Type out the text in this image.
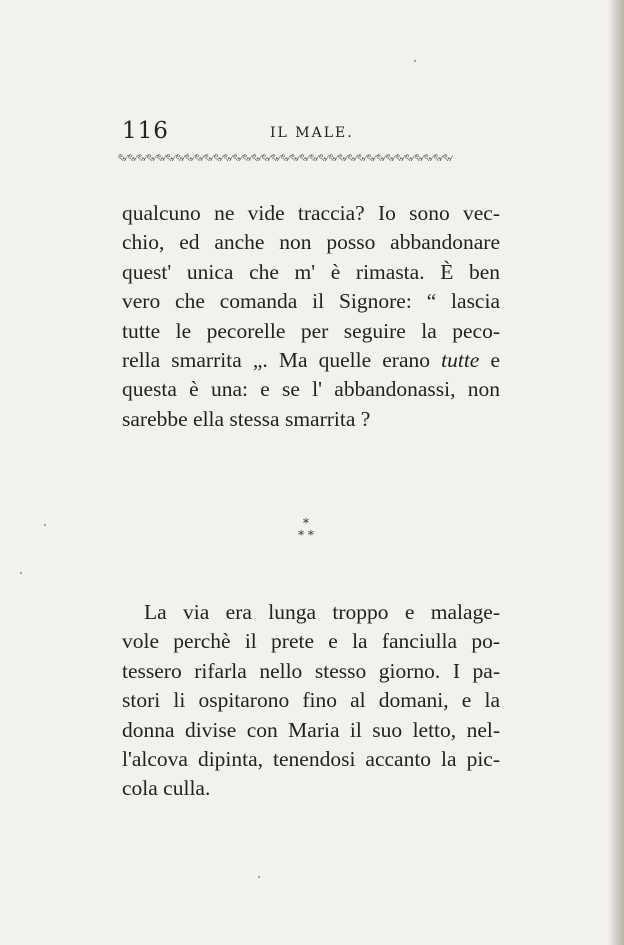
116	IL MALE.
ৎ৵ৎ৵ৎ৵ৎ৵ৎ৵ৎ৵ৎ৵ৎ৵ৎ৵ৎ৵ৎ৵ৎ৵ৎ৵ৎ৵ৎ৵ৎ৵ৎ৵ৎ৵ৎ৵ৎ৵ৎ৵ৎ৵ৎ৵ৎ৵ৎ৵ৎ৵ৎ৵ৎ৵ৎ৵ৎ৵ৎ৵ৎ৵ৎ৵ৎ৵ৎ৵

qualcuno ne vide traccia? Io sono vec-
chio, ed anche non posso abbandonare
quest' unica che m' è rimasta. È ben
vero che comanda il Signore: “ lascia
tutte le pecorelle per seguire la peco-
rella smarrita „. Ma quelle erano tutte e
questa è una: e se l' abbandonassi, non
sarebbe ella stessa smarrita ?

*
* *

La via era lunga troppo e malage-
vole perchè il prete e la fanciulla po-
tessero rifarla nello stesso giorno. I pa-
stori li ospitarono fino al domani, e la
donna divise con Maria il suo letto, nel-
l'alcova dipinta, tenendosi accanto la pic-
cola culla.
